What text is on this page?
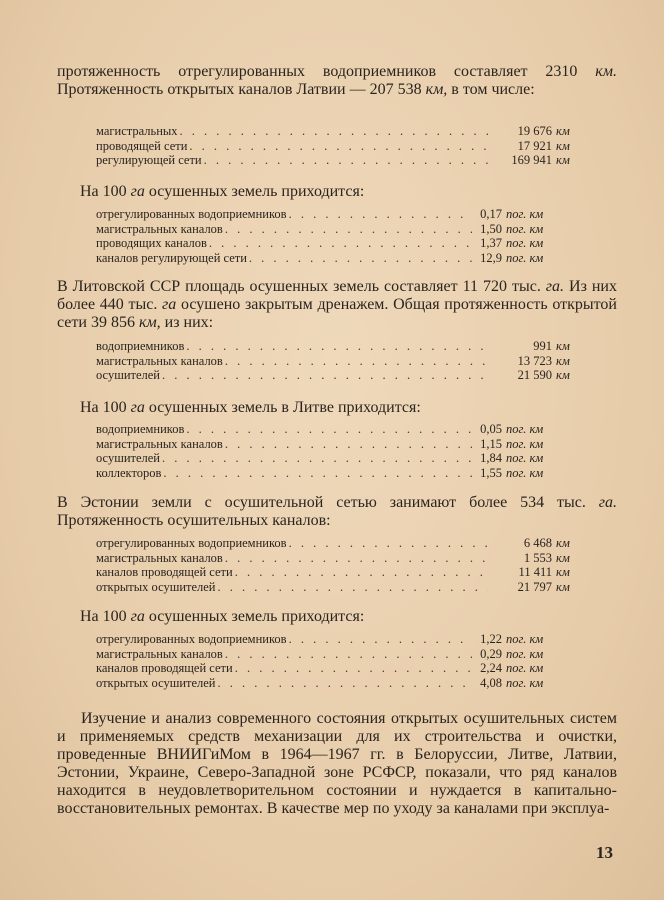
протяженность отрегулированных водоприемников составляет 2310 км. Протяженность открытых каналов Латвии — 207 538 км, в том числе:

магистральных . . .	19 676 км
проводящей сети . . .	17 921 км
регулирующей сети . . .	169 941 км

На 100 га осушенных земель приходится:

отрегулированных водоприемников . . .	0,17 пог. км
магистральных каналов . . .	1,50 пог. км
проводящих каналов . . .	1,37 пог. км
каналов регулирующей сети . . .	12,9 пог. км

В Литовской ССР площадь осушенных земель составляет 11 720 тыс. га. Из них более 440 тыс. га осушено закрытым дренажем. Общая протяженность открытой сети 39 856 км, из них:

водоприемников . . .	991 км
магистральных каналов . . .	13 723 км
осушителей . . .	21 590 км

На 100 га осушенных земель в Литве приходится:

водоприемников . . .	0,05 пог. км
магистральных каналов . . .	1,15 пог. км
осушителей . . .	1,84 пог. км
коллекторов . . .	1,55 пог. км

В Эстонии земли с осушительной сетью занимают более 534 тыс. га. Протяженность осушительных каналов:

отрегулированных водоприемников . . .	6 468 км
магистральных каналов . . .	1 553 км
каналов проводящей сети . . .	11 411 км
открытых осушителей . . .	21 797 км

На 100 га осушенных земель приходится:

отрегулированных водоприемников . . .	1,22 пог. км
магистральных каналов . . .	0,29 пог. км
каналов проводящей сети . . .	2,24 пог. км
открытых осушителей . . .	4,08 пог. км

Изучение и анализ современного состояния открытых осушительных систем и применяемых средств механизации для их строительства и очистки, проведенные ВНИИГиМом в 1964—1967 гг. в Белоруссии, Литве, Латвии, Эстонии, Украине, Северо-Западной зоне РСФСР, показали, что ряд каналов находится в неудовлетворительном состоянии и нуждается в капитально-восстановительных ремонтах. В качестве мер по уходу за каналами при эксплуа-

13
